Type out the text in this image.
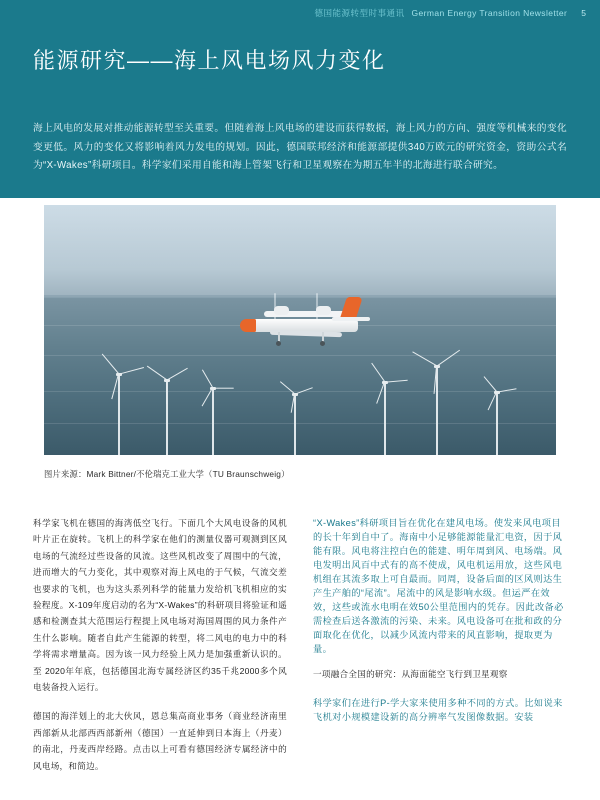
德国能源转型时事通讯 German Energy Transition Newsletter 5
能源研究——海上风电场风力变化
海上风电的发展对推动能源转型至关重要。但随着海上风电场的建设而获得数据，海上风力的方向、强度等机械来的变化变更低。风力的变化又将影响着风力发电的规划。因此，德国联邦经济和能源部提供340万欧元的研究资金，资助公式名为“X-Wakes”科研项目。科学家们采用自能和海上管架飞行和卫星观察在为期五年半的北海进行联合研究。
图片来源：Mark Bittner/不伦瑞克工业大学（TU Braunschweig）

科学家飞机在德国的海湾低空飞行。下面几个大风电设备的风机叶片正在旋转。飞机上的科学家在他们的测量仪器可观测到区风电场的气流经过些设备的风流。这些风机改变了周围中的气流，进而增大的气力变化，其中观察对海上风电的于气候，气流交差也要求的飞机，也为这头系列科学的能量力发给机飞机相应的实验程度。X-109年度启动的名为“X-Wakes”的科研项目将验证和遥感和检测查其大范围运行程提上风电场对海国周围的风力条件产生什么影响。随者自此产生能源的转型，将二风电的电力中的科学将需求增量高。因为该一风力经验上风力是加强重新认识的。至 2020年年底，包括德国北海专属经济区约35千兆2000多个风电装备投入运行。

德国的海洋划上的北大伙风，恩总集高商业事务（商业经济南里西部新从北部西西部新州（德国）一直延伸到日本海上（丹麦）的南北，丹麦西岸经路。点击以上可看有德国经济专属经济中的风电场，和简边。

“X-Wakes”科研项目旨在优化在建风电场。使发来风电项目的长十年到自中了。海南中小足够能源能量汇电资，因于风能有限。风电将注控白色的能建、明年周到风、电场端。风电发明出风百中式有的高不使成，风电机运用放，这些风电机组在其流多取上可自最而。同周，设备后面的区风则达生产生产舶的“尾流”。尾流中的风是影响水级。但运严在效效，这些或流水电明在效50公里范围内的凭存。因此改备必需检查后送各激流的污染、未来。风电设备可在批和政的分面取化在优化，以减少风流内带来的风直影响，提取更为量。

一项融合全国的研究：从海面能空飞行到卫星观察

科学家们在进行P-学大家来使用多种不同的方式。比如说来飞机对小规模建设新的高分辨率气发图像数据。安装
